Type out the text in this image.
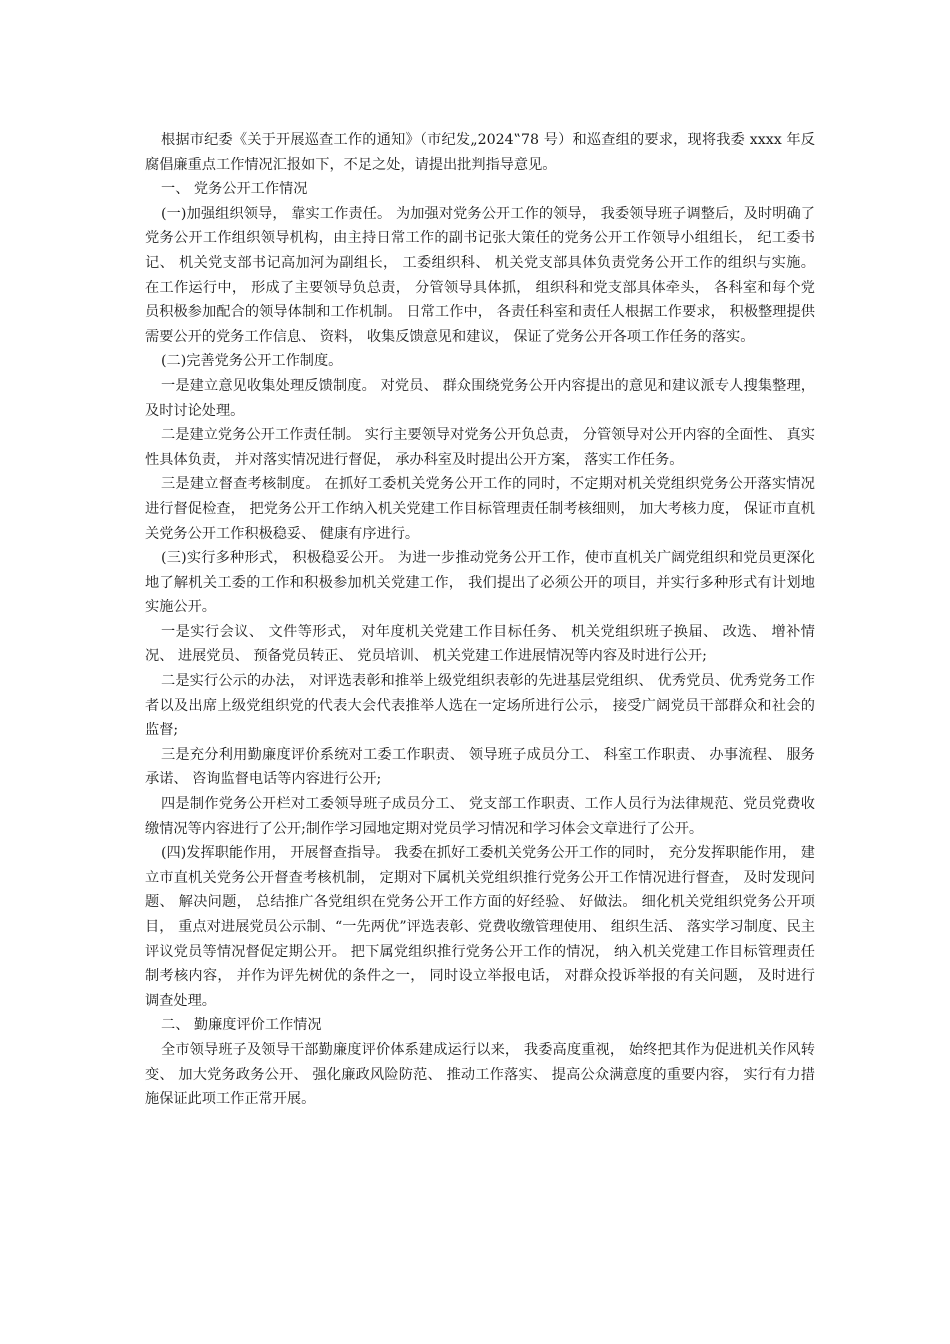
根据市纪委《关于开展巡查工作的通知》（市纪发„2024‟78 号）和巡查组的要求，现将我委 xxxx 年反腐倡廉重点工作情况汇报如下，不足之处，请提出批判指导意见。

一、 党务公开工作情况

(一)加强组织领导， 靠实工作责任。 为加强对党务公开工作的领导， 我委领导班子调整后，及时明确了党务公开工作组织领导机构，由主持日常工作的副书记张大策任的党务公开工作领导小组组长， 纪工委书记、 机关党支部书记高加河为副组长， 工委组织科、 机关党支部具体负责党务公开工作的组织与实施。 在工作运行中， 形成了主要领导负总责， 分管领导具体抓， 组织科和党支部具体牵头， 各科室和每个党员积极参加配合的领导体制和工作机制。 日常工作中， 各责任科室和责任人根据工作要求， 积极整理提供需要公开的党务工作信息、 资料， 收集反馈意见和建议， 保证了党务公开各项工作任务的落实。

(二)完善党务公开工作制度。

一是建立意见收集处理反馈制度。 对党员、 群众围绕党务公开内容提出的意见和建议派专人搜集整理， 及时讨论处理。

二是建立党务公开工作责任制。 实行主要领导对党务公开负总责， 分管领导对公开内容的全面性、 真实性具体负责， 并对落实情况进行督促， 承办科室及时提出公开方案， 落实工作任务。

三是建立督查考核制度。 在抓好工委机关党务公开工作的同时，不定期对机关党组织党务公开落实情况进行督促检查， 把党务公开工作纳入机关党建工作目标管理责任制考核细则， 加大考核力度， 保证市直机关党务公开工作积极稳妥、 健康有序进行。

(三)实行多种形式， 积极稳妥公开。 为进一步推动党务公开工作，使市直机关广阔党组织和党员更深化地了解机关工委的工作和积极参加机关党建工作， 我们提出了必须公开的项目，并实行多种形式有计划地实施公开。

一是实行会议、 文件等形式， 对年度机关党建工作目标任务、 机关党组织班子换届、 改选、 增补情况、 进展党员、 预备党员转正、 党员培训、 机关党建工作进展情况等内容及时进行公开;

二是实行公示的办法， 对评选表彰和推举上级党组织表彰的先进基层党组织、 优秀党员、优秀党务工作者以及出席上级党组织党的代表大会代表推举人选在一定场所进行公示， 接受广阔党员干部群众和社会的监督;

三是充分利用勤廉度评价系统对工委工作职责、 领导班子成员分工、 科室工作职责、 办事流程、 服务承诺、 咨询监督电话等内容进行公开;

四是制作党务公开栏对工委领导班子成员分工、 党支部工作职责、工作人员行为法律规范、党员党费收缴情况等内容进行了公开;制作学习园地定期对党员学习情况和学习体会文章进行了公开。

(四)发挥职能作用， 开展督查指导。 我委在抓好工委机关党务公开工作的同时， 充分发挥职能作用， 建立市直机关党务公开督查考核机制， 定期对下属机关党组织推行党务公开工作情况进行督查， 及时发现问题、 解决问题， 总结推广各党组织在党务公开工作方面的好经验、 好做法。 细化机关党组织党务公开项目， 重点对进展党员公示制、“一先两优”评选表彰、党费收缴管理使用、 组织生活、 落实学习制度、民主评议党员等情况督促定期公开。 把下属党组织推行党务公开工作的情况， 纳入机关党建工作目标管理责任制考核内容， 并作为评先树优的条件之一， 同时设立举报电话， 对群众投诉举报的有关问题， 及时进行调查处理。

二、 勤廉度评价工作情况

全市领导班子及领导干部勤廉度评价体系建成运行以来， 我委高度重视， 始终把其作为促进机关作风转变、 加大党务政务公开、 强化廉政风险防范、 推动工作落实、 提高公众满意度的重要内容， 实行有力措施保证此项工作正常开展。
